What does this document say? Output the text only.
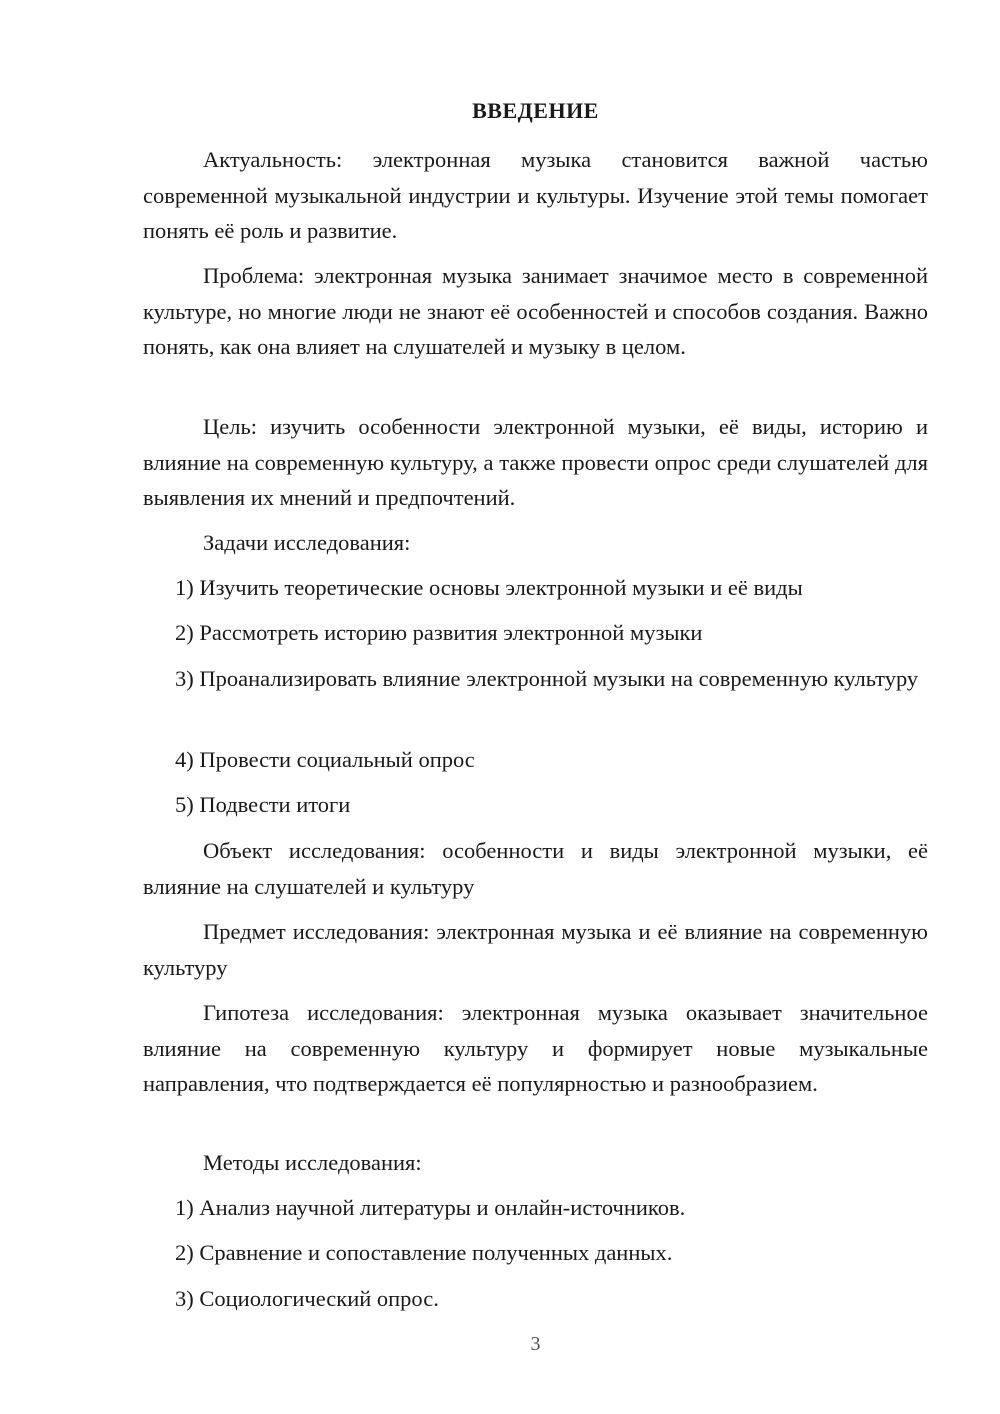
ВВЕДЕНИЕ

Актуальность: электронная музыка становится важной частью современной музыкальной индустрии и культуры. Изучение этой темы помогает понять её роль и развитие.

Проблема: электронная музыка занимает значимое место в современной культуре, но многие люди не знают её особенностей и способов создания. Важно понять, как она влияет на слушателей и музыку в целом.

Цель: изучить особенности электронной музыки, её виды, историю и влияние на современную культуру, а также провести опрос среди слушателей для выявления их мнений и предпочтений.

Задачи исследования:

1) Изучить теоретические основы электронной музыки и её виды

2) Рассмотреть историю развития электронной музыки

3) Проанализировать влияние электронной музыки на современную культуру

4) Провести социальный опрос

5) Подвести итоги

Объект исследования: особенности и виды электронной музыки, её влияние на слушателей и культуру

Предмет исследования: электронная музыка и её влияние на современную культуру

Гипотеза исследования: электронная музыка оказывает значительное влияние на современную культуру и формирует новые музыкальные направления, что подтверждается её популярностью и разнообразием.

Методы исследования:

1) Анализ научной литературы и онлайн-источников.

2) Сравнение и сопоставление полученных данных.

3) Социологический опрос.

3
